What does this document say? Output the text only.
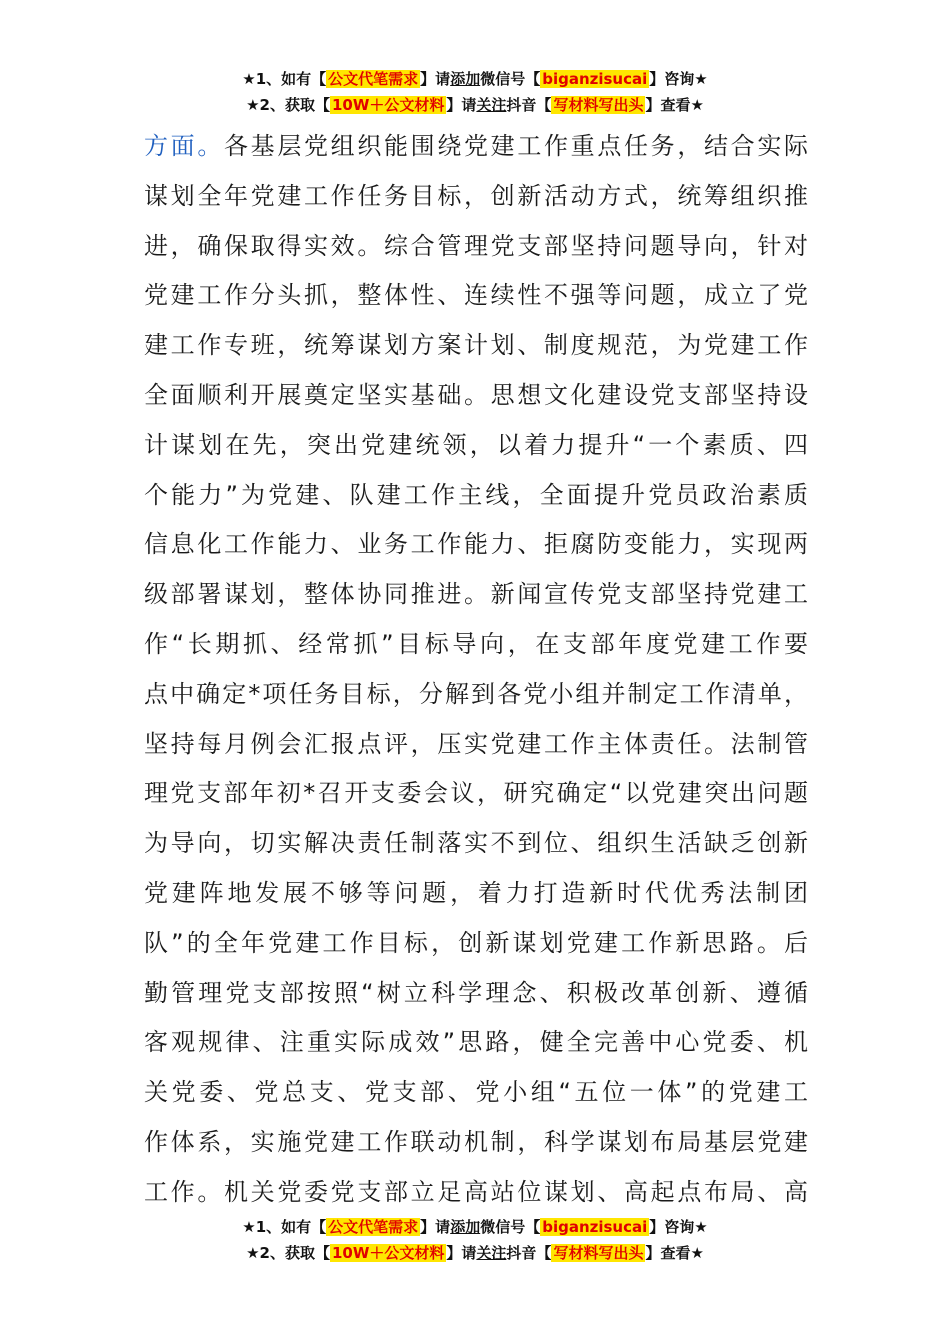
★1、如有【 公文代笔需求 】请添加微信号【 biganzisucai 】咨询★
★2、获取【 10W＋公文材料 】请关注抖音【 写材料写出头 】查看★
方面。各基层党组织能围绕党建工作重点任务，结合实际
谋划全年党建工作任务目标，创新活动方式，统筹组织推
进，确保取得实效。综合管理党支部坚持问题导向，针对
党建工作分头抓，整体性、连续性不强等问题，成立了党
建工作专班，统筹谋划方案计划、制度规范，为党建工作
全面顺利开展奠定坚实基础。思想文化建设党支部坚持设
计谋划在先，突出党建统领，以着力提升“一个素质、四
个能力”为党建、队建工作主线，全面提升党员政治素质
信息化工作能力、业务工作能力、拒腐防变能力，实现两
级部署谋划，整体协同推进。新闻宣传党支部坚持党建工
作“长期抓、经常抓”目标导向，在支部年度党建工作要
点中确定*项任务目标，分解到各党小组并制定工作清单，
坚持每月例会汇报点评，压实党建工作主体责任。法制管
理党支部年初*召开支委会议，研究确定“以党建突出问题
为导向，切实解决责任制落实不到位、组织生活缺乏创新
党建阵地发展不够等问题，着力打造新时代优秀法制团
队”的全年党建工作目标，创新谋划党建工作新思路。后
勤管理党支部按照“树立科学理念、积极改革创新、遵循
客观规律、注重实际成效”思路，健全完善中心党委、机
关党委、党总支、党支部、党小组“五位一体”的党建工
作体系，实施党建工作联动机制，科学谋划布局基层党建
工作。机关党委党支部立足高站位谋划、高起点布局、高
★1、如有【 公文代笔需求 】请添加微信号【 biganzisucai 】咨询★
★2、获取【 10W＋公文材料 】请关注抖音【 写材料写出头 】查看★
